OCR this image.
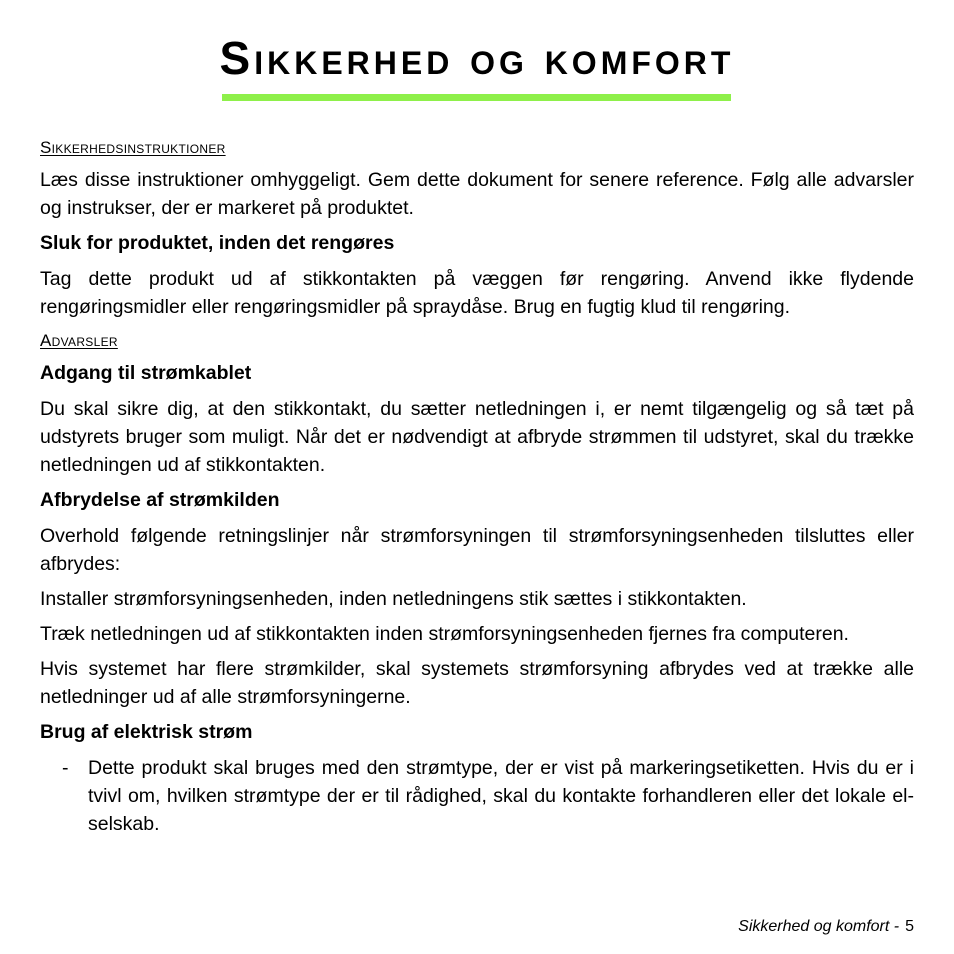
Sikkerhed og komfort
Sikkerhedsinstruktioner

Læs disse instruktioner omhyggeligt. Gem dette dokument for senere reference. Følg alle advarsler og instrukser, der er markeret på produktet.

Sluk for produktet, inden det rengøres

Tag dette produkt ud af stikkontakten på væggen før rengøring. Anvend ikke flydende rengøringsmidler eller rengøringsmidler på spraydåse. Brug en fugtig klud til rengøring.

Advarsler
Adgang til strømkablet

Du skal sikre dig, at den stikkontakt, du sætter netledningen i, er nemt tilgængelig og så tæt på udstyrets bruger som muligt. Når det er nødvendigt at afbryde strømmen til udstyret, skal du trække netledningen ud af stikkontakten.

Afbrydelse af strømkilden

Overhold følgende retningslinjer når strømforsyningen til strømforsyningsenheden tilsluttes eller afbrydes:

Installer strømforsyningsenheden, inden netledningens stik sættes i stikkontakten.

Træk netledningen ud af stikkontakten inden strømforsyningsenheden fjernes fra computeren.

Hvis systemet har flere strømkilder, skal systemets strømforsyning afbrydes ved at trække alle netledninger ud af alle strømforsyningerne.

Brug af elektrisk strøm
-	Dette produkt skal bruges med den strømtype, der er vist på markeringsetiketten. Hvis du er i tvivl om, hvilken strømtype der er til rådighed, skal du kontakte forhandleren eller det lokale el-selskab.
Sikkerhed og komfort - 5
